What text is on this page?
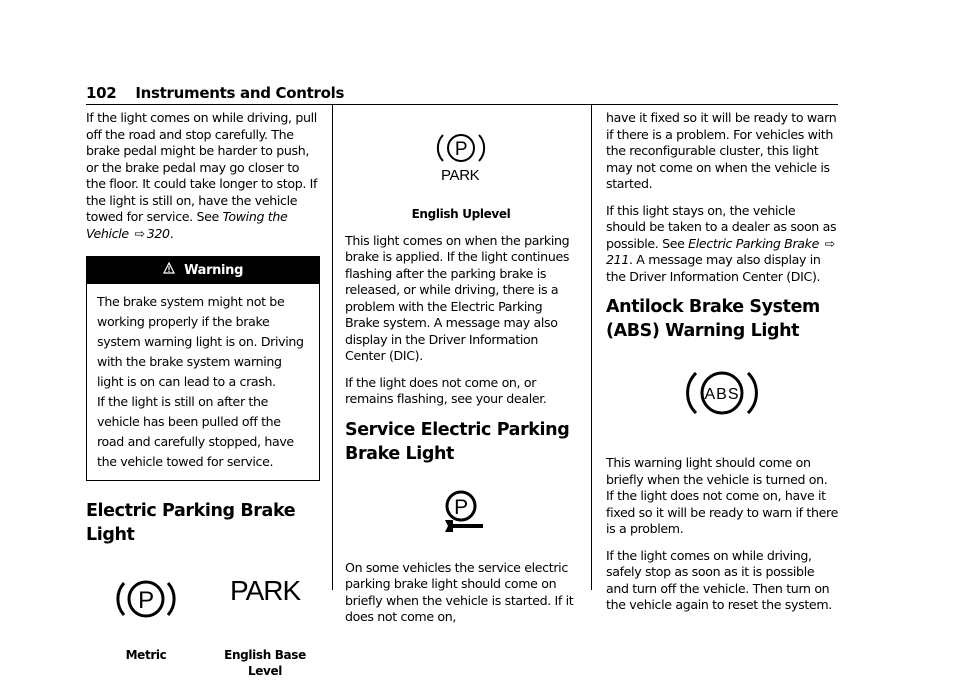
102 Instruments and Controls

If the light comes on while driving, pull off the road and stop carefully. The brake pedal might be harder to push, or the brake pedal may go closer to the floor. It could take longer to stop. If the light is still on, have the vehicle towed for service. See Towing the Vehicle ⇨ 320.

Warning

The brake system might not be working properly if the brake system warning light is on. Driving with the brake system warning light is on can lead to a crash.

If the light is still on after the vehicle has been pulled off the road and carefully stopped, have the vehicle towed for service.

Electric Parking Brake Light
P	PARK
Metric	English Base Level
P
PARK
English Uplevel

This light comes on when the parking brake is applied. If the light continues flashing after the parking brake is released, or while driving, there is a problem with the Electric Parking Brake system. A message may also display in the Driver Information Center (DIC).

If the light does not come on, or remains flashing, see your dealer.

Service Electric Parking Brake Light
P

On some vehicles the service electric parking brake light should come on briefly when the vehicle is started. If it does not come on,

have it fixed so it will be ready to warn if there is a problem. For vehicles with the reconfigurable cluster, this light may not come on when the vehicle is started.

If this light stays on, the vehicle should be taken to a dealer as soon as possible. See Electric Parking Brake ⇨211. A message may also display in the Driver Information Center (DIC).

Antilock Brake System (ABS) Warning Light
ABS

This warning light should come on briefly when the vehicle is turned on. If the light does not come on, have it fixed so it will be ready to warn if there is a problem.

If the light comes on while driving, safely stop as soon as it is possible and turn off the vehicle. Then turn on the vehicle again to reset the system.
